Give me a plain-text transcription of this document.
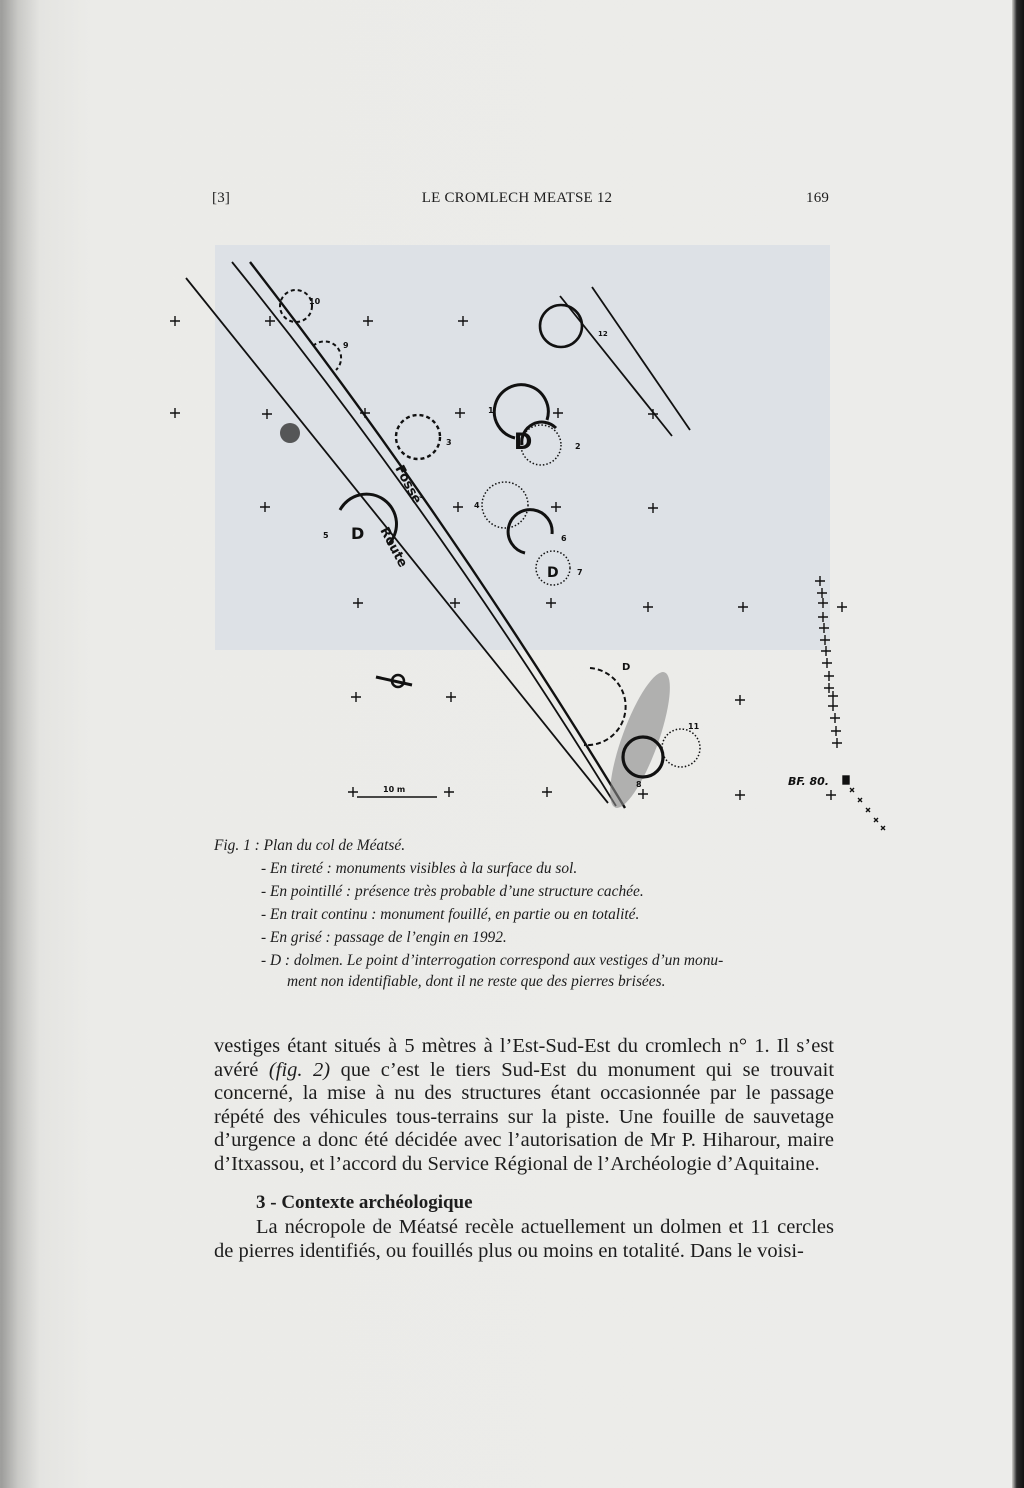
[3]	LE CROMLECH MEATSE 12	169
D
D
D
D
Route
Fossé
BF. 80.
10 m
1
2
3
4
5	6
7
8
9
10
11
12
Fig. 1 : Plan du col de Méatsé.
- En tireté : monuments visibles à la surface du sol.
- En pointillé : présence très probable d’une structure cachée.
- En trait continu : monument fouillé, en partie ou en totalité.
- En grisé : passage de l’engin en 1992.
- D : dolmen. Le point d’interrogation correspond aux vestiges d’un monu-
ment non identifiable, dont il ne reste que des pierres brisées.

vestiges étant situés à 5 mètres à l’Est-Sud-Est du cromlech n° 1. Il s’est avéré (fig. 2) que c’est le tiers Sud-Est du monument qui se trouvait concerné, la mise à nu des structures étant occasionnée par le passage répété des véhicules tous-terrains sur la piste. Une fouille de sauvetage d’urgence a donc été décidée avec l’autorisation de Mr P. Hiharour, maire d’Itxassou, et l’accord du Service Régional de l’Archéologie d’Aquitaine.

3 - Contexte archéologique

La nécropole de Méatsé recèle actuellement un dolmen et 11 cercles de pierres identifiés, ou fouillés plus ou moins en totalité. Dans le voisi-
